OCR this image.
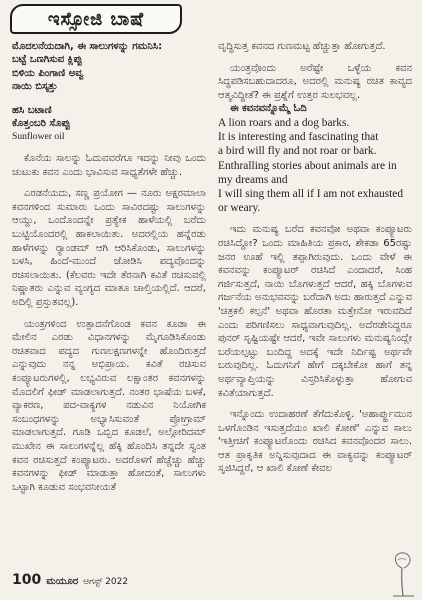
ಇಸ್ಸೋಜಿ ಬಾಷೆ
ಮೊದಲನೆಯದಾಗಿ, ಈ ಸಾಲುಗಳನ್ನು ಗಮನಿಸಿ:
ಬಟ್ಟೆ ಒಣಗಿಸುವ ಕ್ಲಿಪ್ಪು
ಬಿಳಿಯ ಪಿಂಗಾಣಿ ಅವ್ವ
ನಾಯಿ ಬಿಸ್ಕತ್ತು
ಹಸಿ ಬಟಾಣಿ
ಕೊತ್ತಂಬರಿ ಸೊಪ್ಪು

Sunflower oil

ಕೊನೆಯ ಸಾಲನ್ನು ಓದುವವರೆಗೂ ಇದನ್ನು ನೀವು ಒಂದು ಚುಟುಕು ಕವನ ಎಂದು ಭಾವಿಸುವ ಸಾಧ್ಯತೆಗಳೇ ಹೆಚ್ಚು.

ಎರಡನೆಯದು, ಸಣ್ಣ ಪ್ರಯೋಗ — ನೂರು ಅಕ್ಷರಮಾಲಾ ಕವನಗಳಿಂದ ಸುಮಾರು ಒಂದು ಸಾವಿರದಷ್ಟು ಸಾಲುಗಳನ್ನು ಆಯ್ದು, ಒಂದೊಂದನ್ನೇ ಪ್ರತ್ಯೇಕ ಹಾಳೆಯಲ್ಲಿ ಬರೆದು ಬುಟ್ಟಿಯೊಂದರಲ್ಲಿ ಹಾಕಲಾಯಿತು. ಅದರಲ್ಲಿಯ ಹನ್ನೆರಡು ಹಾಳೆಗಳನ್ನು ರ್‍ಯಾಂಡಮ್ ಆಗಿ ಆರಿಸಿಕೊಂಡು, ಸಾಲುಗಳನ್ನು ಬಳಸಿ, ಹಿಂದೆ-ಮುಂದೆ ಜೋಡಿಸಿ ಪದ್ಯವೊಂದನ್ನು ರಚಿಸಲಾಯಿತು. (ಕೆಲವರು ಇದೇ ತೆರನಾಗಿ ಕವಿತೆ ರಚಿಸುವಲ್ಲಿ ನಿಷ್ಣಾತರು ಎನ್ನುವ ವ್ಯಂಗ್ಯದ ಮಾತೂ ಚಾಲ್ತಿಯಲ್ಲಿದೆ. ಆದರೆ, ಅದಿಲ್ಲಿ ಪ್ರಸ್ತುತವಲ್ಲ).

ಯಂತ್ರಗಳಿಂದ ಉತ್ಪಾದನೆಗೊಂಡ ಕವನ ಕೂಡಾ ಈ ಮೇಲಿನ ಎರಡು ವಿಧಾನಗಳನ್ನು ಮೈಗೂಡಿಸಿಕೊಂಡು ರಚಿತವಾದ ಪದ್ಯದ ಗುಣಲಕ್ಷಣಗಳನ್ನೇ ಹೊಂದಿರುತ್ತದೆ ಎನ್ನುವುದು ನನ್ನ ಅಭಿಪ್ರಾಯ. ಕವಿತೆ ರಚಿಸುವ ಕಂಪ್ಯೂಟರುಗಳಲ್ಲಿ, ಲಭ್ಯವಿರುವ ಲಕ್ಷಾಂತರ ಕವನಗಳನ್ನು ಮೊದಲಿಗೆ ಫೀಡ್ ಮಾಡಲಾಗುತ್ತದೆ. ನಂತರ ಭಾಷೆಯ ಬಳಕೆ, ವ್ಯಾಕರಣ, ಪದ-ವಾಕ್ಯಗಳ ನಡುವಿನ ನಿಯೋಗಿಕ ಸಂಬಂಧಗಳನ್ನು ಅಭ್ಯಾಸಿಸುವಂತೆ ಪ್ರೋಗ್ರಾಮ್ ಮಾಡಲಾಗುತ್ತದೆ. ಗೂಡಿ ಒಬ್ಬಿದ ಕೂಡಲೆ, ಅಲ್ಗೋರಿದಮ್ ಮುಖೇನ ಈ ಸಾಲುಗಳನ್ನೆಲ್ಲ ಹೆಕ್ಕಿ ಹೊಂದಿಸಿ ತನ್ನದೇ ಸ್ವಂತ ಕವನ ರಚಿಸುತ್ತದೆ ಕಂಪ್ಯೂಟರು. ಅದರೊಳಗೆ ಹೆಚ್ಚೆಚ್ಚು ಹೆಚ್ಚು ಕವನಗಳನ್ನು ಫೀಡ್ ಮಾಡುತ್ತಾ ಹೋದಂತೆ, ಸಾಲುಗಳು ಒಟ್ಟಾಗಿ ಕೂಡುವ ಸಂಭವನೀಯತೆ

ವೃದ್ಧಿಸುತ್ತ ಕವನದ ಗುಣಮಟ್ಟ ಹೆಚ್ಚುತ್ತಾ ಹೋಗುತ್ತದೆ.

ಯಂತ್ರವೊಂದು ಅರೆಷ್ಟೇ ಒಳ್ಳೆಯ ಕವನ ಸಿದ್ಧಪಡಿಸಬಹುದಾದರೂ, ಅದರಲ್ಲಿ ಮನುಷ್ಯ ರಚಿತ ಕಾವ್ಯದ ಆತ್ಮವಿದ್ದೀತೆ? ಈ ಪ್ರಶ್ನೆಗೆ ಉತ್ತರ ಸುಲಭವಲ್ಲ.

ಈ ಕವನವನ್ನೊಮ್ಮೆ ಓದಿ

A lion roars and a dog barks.
It is interesting and fascinating that
a bird will fly and not roar or bark.
Enthralling stories about animals are in
my dreams and
I will sing them all if I am not exhausted
or weary.

ಇದು ಮನುಷ್ಯ ಬರೆದ ಕವನವೋ ಅಥವಾ ಕಂಪ್ಯೂಟರು ರಚಿಸಿದ್ದೋ? ಒಂದು ಮಾಹಿತಿಯ ಪ್ರಕಾರ, ಶೇಕಡಾ 65ರಷ್ಟು ಜನರ ಊಹೆ ಇಲ್ಲಿ ತಪ್ಪಾಗಿರುವುದು. ಒಂದು ವೇಳೆ ಈ ಕವನವನ್ನು ಕಂಪ್ಯೂಟರ್ ರಚಿಸಿದೆ ಎಂದಾದರೆ, ಸಿಂಹ ಗರ್ಜಿಸುತ್ತದೆ, ನಾಯಿ ಬೊಗಳುತ್ತದೆ ಆದರೆ, ಹಕ್ಕಿ ಬೊಗಳುವ ಗರ್ಜನೆಯ ಅನುಭವವನ್ನು ಬರೆದಾಗಿ ಅದು ಹಾರುತ್ತದೆ ಎನ್ನುವ 'ಚಿತ್ರಕಲಿ ಕಲ್ಪನೆ' ಅಥವಾ ಹೊರತಾ ಮತ್ತೇನೋ ಇರುವದಿದೆ ಎಂದು ಪರಿಗಣಿಸಲು ಸಾಧ್ಯವಾಗುವುದಿಲ್ಲ. ಅದೆರಡೇನಿದ್ದರೂ ಪುನರ್ ಸೃಷ್ಟಿಯಷ್ಟೇ ಆದರೆ, ಇವೇ ಸಾಲುಗಳು ಮನುಷ್ಯನಿಂದ್ಲೇ ಬರೆಯಲ್ಪಟ್ಟು ಬಂದಿದ್ದ ಅದಕ್ಕೆ ಇದೇ ನಿರ್ದಿಷ್ಟ ಅರ್ಥವೇ ಬರುವುದಿಲ್ಲ. ಓದುಗನಿಗೆ ಹೇಗೆ ದಕ್ಕಬೇಕೋ ಹಾಗೆ ತನ್ನ ಅರ್ಥವ್ಯಾಪ್ತಿಯನ್ನು ವಿಸ್ತರಿಸಿಕೊಳ್ಳುತ್ತಾ ಹೋಗುವ ಕವಿತೆಯಾಗುತ್ತದೆ.

ಇನ್ನೊಂದು ಉದಾಹರಣೆ ತೆಗೆದುಕೊಳ್ಳಿ. 'ಅಹಾರ್ಪ್ಹುಮುನ ಒಳಗೊಂಡಿನ ಇಸುತ್ತದೆಯಂ ಖಾಲಿ ಕೋಣೆ' ಎನ್ನುವ ಸಾಲು 'ಇತ್ತೀಚಿಗೆ ಕಂಪ್ಯೂಟರೊಂದು ರಚಿಸಿದ ಕವನವೊಂದರ ಸಾಲು. ಆತ ಪ್ರಾಕೃತಿಕ ಅನ್ನಿಸುವುದಾದ ಈ ವಾಕ್ಯವನ್ನು ಕಂಪ್ಯೂಟರ್ ಸೃಜಿಸಿದ್ದರೆ, ಆ ಖಾಲಿ ಕೋಣೆ ಕೇವಲ

100 ಮಯೂರ ಆಗಸ್ಟ್ 2022
